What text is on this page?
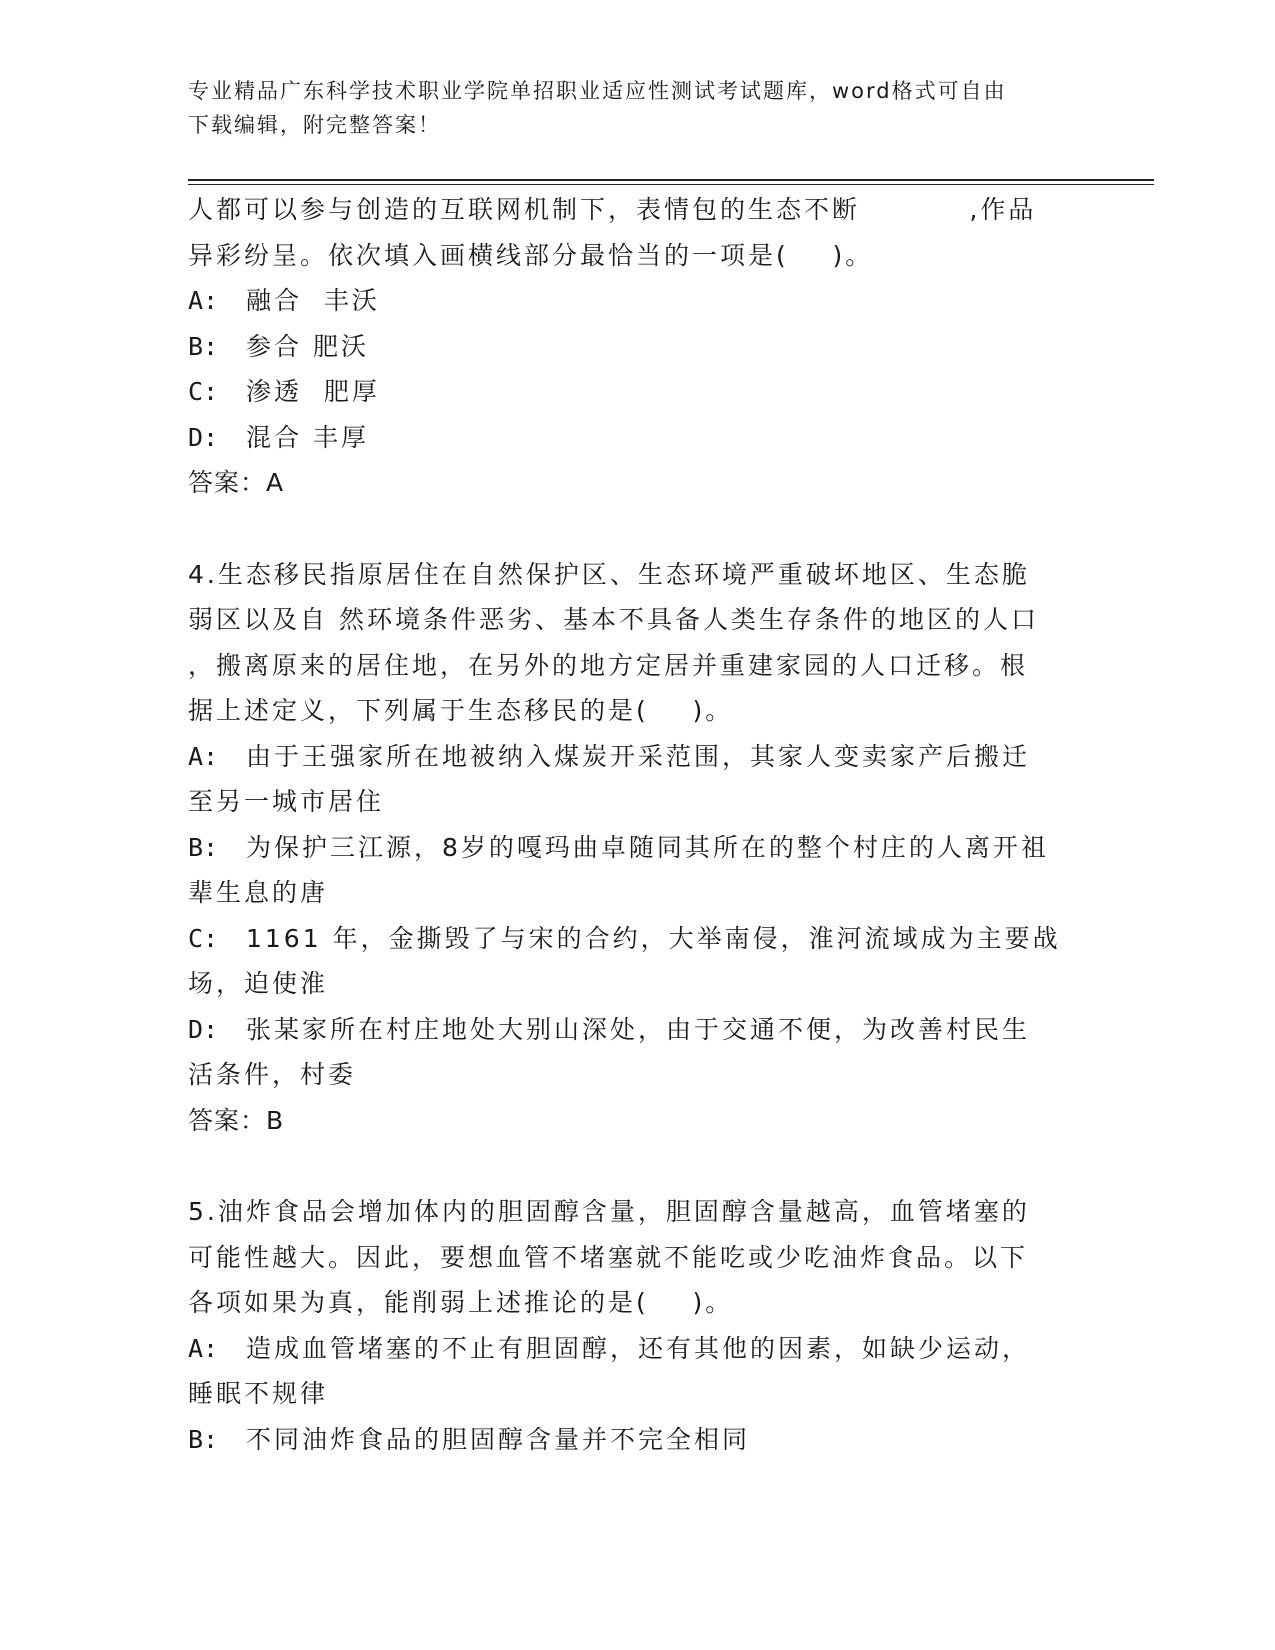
专业精品广东科学技术职业学院单招职业适应性测试考试题库，word格式可自由
下载编辑，附完整答案！
人都可以参与创造的互联网机制下，表情包的生态不断          ,作品
异彩纷呈。依次填入画横线部分最恰当的一项是(    )。
A:	融合  丰沃
B:	参合 肥沃
C:	渗透  肥厚
D:	混合 丰厚
答案：A
4.生态移民指原居住在自然保护区、生态环境严重破坏地区、生态脆
弱区以及自 然环境条件恶劣、基本不具备人类生存条件的地区的人口
，搬离原来的居住地，在另外的地方定居并重建家园的人口迁移。根
据上述定义，下列属于生态移民的是(    )。
A:	由于王强家所在地被纳入煤炭开采范围，其家人变卖家产后搬迁
至另一城市居住
B:	为保护三江源，8岁的嘎玛曲卓随同其所在的整个村庄的人离开祖
辈生息的唐
C:	1161 年，金撕毁了与宋的合约，大举南侵，淮河流域成为主要战
场，迫使淮
D:	张某家所在村庄地处大别山深处，由于交通不便，为改善村民生
活条件，村委
答案：B
5.油炸食品会增加体内的胆固醇含量，胆固醇含量越高，血管堵塞的
可能性越大。因此，要想血管不堵塞就不能吃或少吃油炸食品。以下
各项如果为真，能削弱上述推论的是(    )。
A:	造成血管堵塞的不止有胆固醇，还有其他的因素，如缺少运动，
睡眠不规律
B:	不同油炸食品的胆固醇含量并不完全相同
